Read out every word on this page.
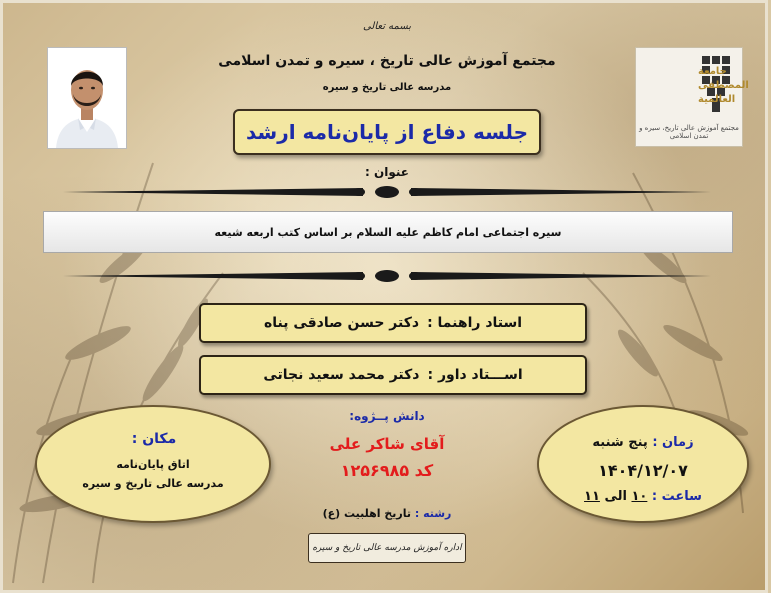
جامعة
المصطفی
العالمیة
مجتمع آموزش عالی تاریخ، سیره و تمدن اسلامی
بسمه تعالی
مجتمع آموزش عالی تاریخ ، سیره و تمدن اسلامی
مدرسه عالی تاریخ و سیره
جلسه دفاع از پایان‌نامه ارشد
عنوان :
سیره اجتماعی امام کاظم علیه السلام بر اساس کتب اربعه شیعه
استاد راهنما :
دکتر حسن صادقی پناه
اســـتاد داور :
دکتر محمد سعید نجاتی
مکان :
اتاق پایان‌نامه
مدرسه عالی تاریخ و سیره
زمان : پنج شنبه
۱۴۰۴/۱۲/۰۷
ساعت : ۱۰ الی ۱۱
دانش پــژوه:
آقای شاکر علی
کد ۱۲۵۶۹۸۵
رشته : تاریخ اهلبیت (ع)
اداره آموزش مدرسه عالی تاریخ و سیره
